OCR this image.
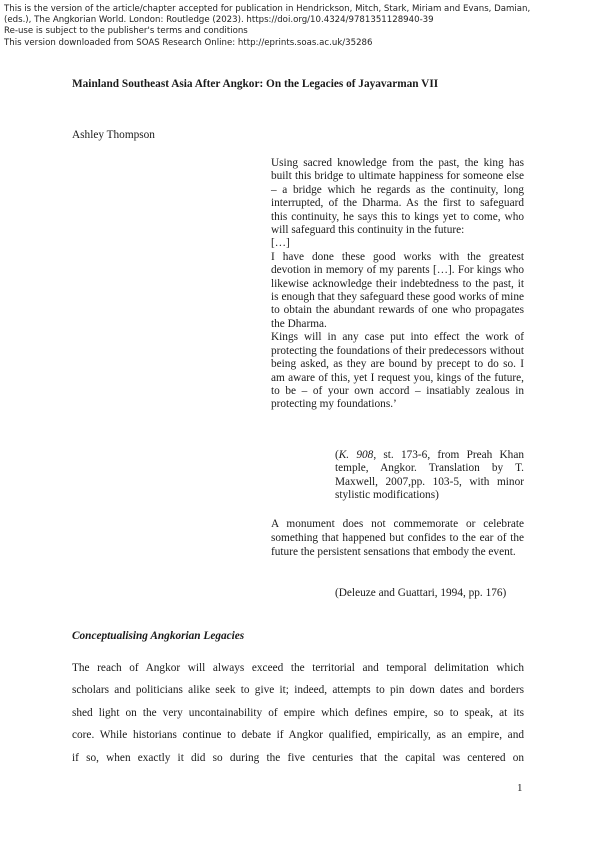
This is the version of the article/chapter accepted for publication in Hendrickson, Mitch, Stark, Miriam and Evans, Damian,
(eds.), The Angkorian World. London: Routledge (2023). https://doi.org/10.4324/9781351128940-39
Re-use is subject to the publisher's terms and conditions
This version downloaded from SOAS Research Online: http://eprints.soas.ac.uk/35286
Mainland Southeast Asia After Angkor: On the Legacies of Jayavarman VII
Ashley Thompson

Using sacred knowledge from the past, the king has built this bridge to ultimate happiness for someone else – a bridge which he regards as the continuity, long interrupted, of the Dharma. As the first to safeguard this continuity, he says this to kings yet to come, who will safeguard this continuity in the future:

[…]

I have done these good works with the greatest devotion in memory of my parents […]. For kings who likewise acknowledge their indebtedness to the past, it is enough that they safeguard these good works of mine to obtain the abundant rewards of one who propagates the Dharma.

Kings will in any case put into effect the work of protecting the foundations of their predecessors without being asked, as they are bound by precept to do so. I am aware of this, yet I request you, kings of the future, to be – of your own accord – insatiably zealous in protecting my foundations.’

(K. 908, st. 173-6, from Preah Khan temple, Angkor. Translation by T. Maxwell, 2007,pp. 103-5, with minor stylistic modifications)
A monument does not commemorate or celebrate something that happened but confides to the ear of the future the persistent sensations that embody the event.
(Deleuze and Guattari, 1994, pp. 176)
Conceptualising Angkorian Legacies
The reach of Angkor will always exceed the territorial and temporal delimitation which
scholars and politicians alike seek to give it; indeed, attempts to pin down dates and borders
shed light on the very uncontainability of empire which defines empire, so to speak, at its
core. While historians continue to debate if Angkor qualified, empirically, as an empire, and
if so, when exactly it did so during the five centuries that the capital was centered on
1
